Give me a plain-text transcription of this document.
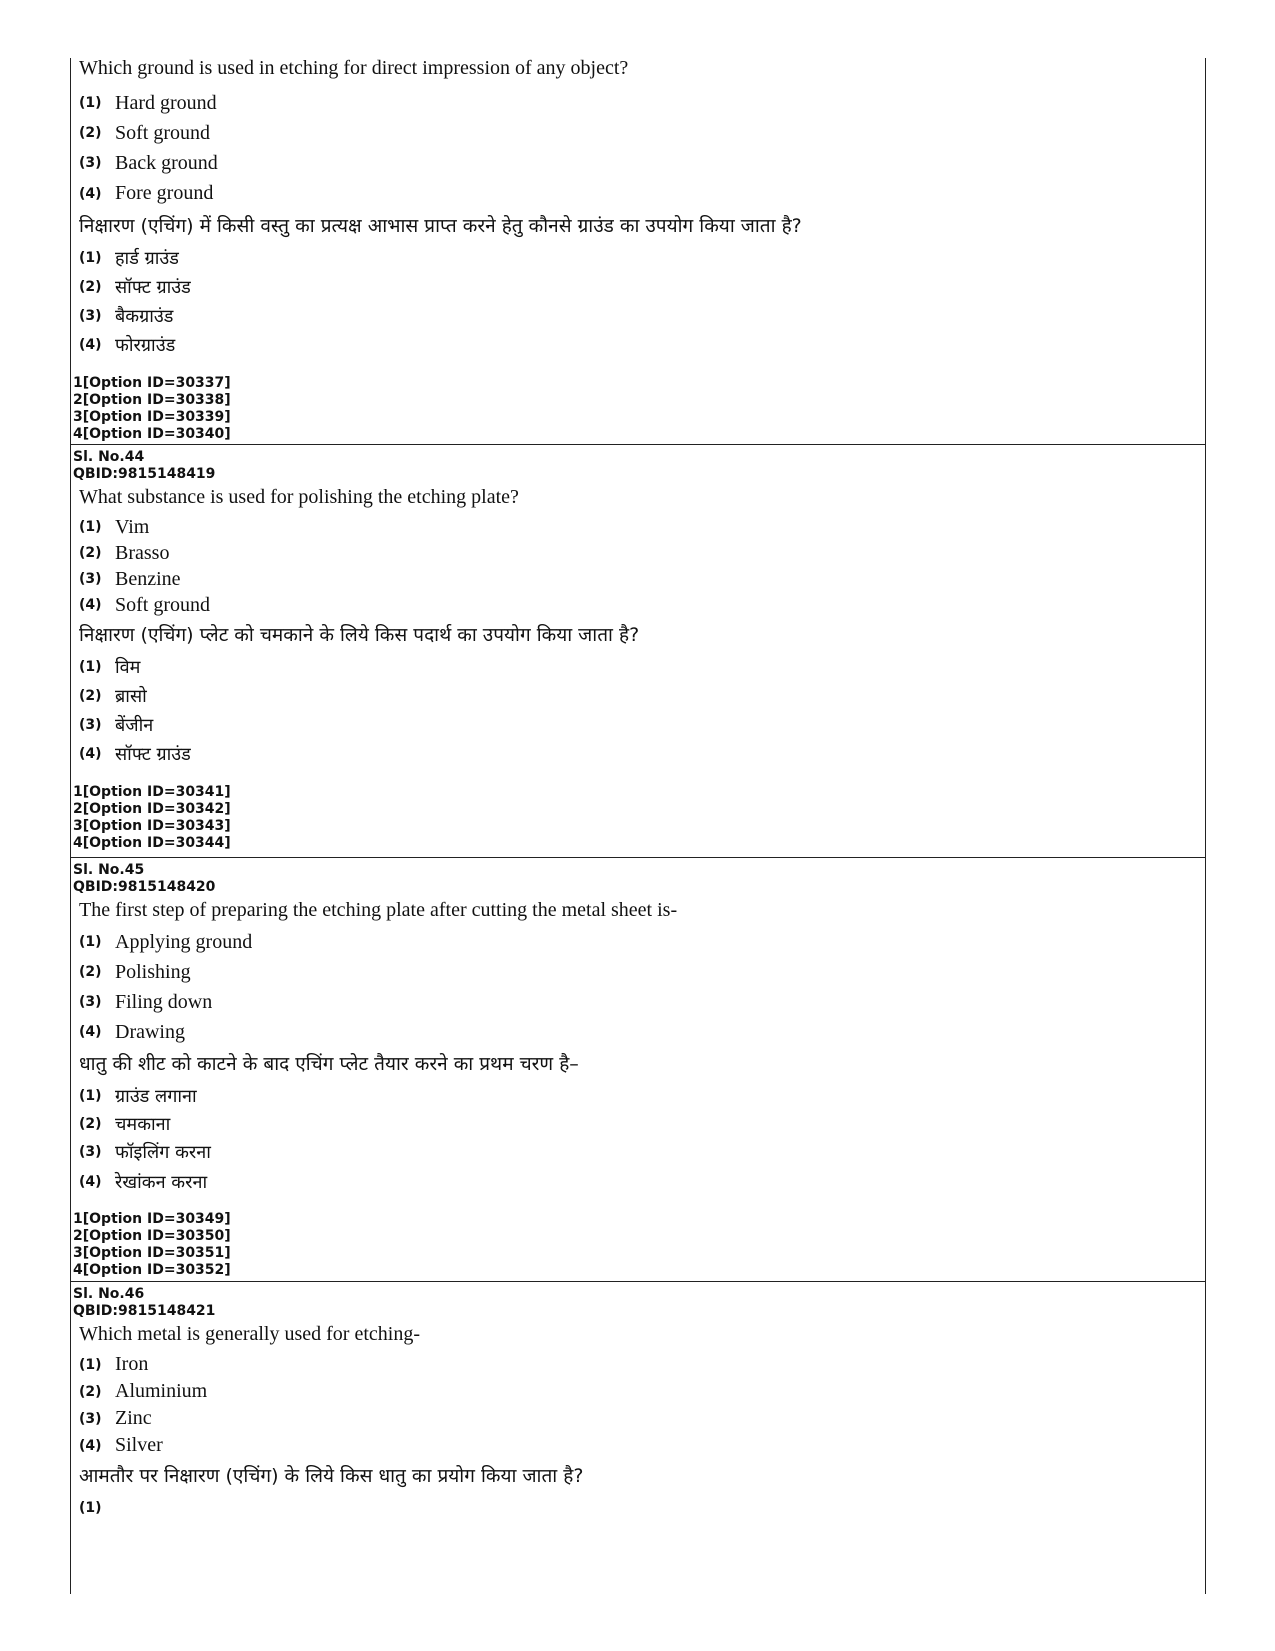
Which ground is used in etching for direct impression of any object?
(1) Hard ground
(2) Soft ground
(3) Back ground
(4) Fore ground
निक्षारण (एचिंग) में किसी वस्तु का प्रत्यक्ष आभास प्राप्त करने हेतु कौनसे ग्राउंड का उपयोग किया जाता है?
(1) हार्ड ग्राउंड
(2) सॉफ्ट ग्राउंड
(3) बैकग्राउंड
(4) फोरग्राउंड
1[Option ID=30337]
2[Option ID=30338]
3[Option ID=30339]
4[Option ID=30340]
Sl. No.44
QBID:9815148419
What substance is used for polishing the etching plate?
(1) Vim
(2) Brasso
(3) Benzine
(4) Soft ground
निक्षारण (एचिंग) प्लेट को चमकाने के लिये किस पदार्थ का उपयोग किया जाता है?
(1) विम
(2) ब्रासो
(3) बेंजीन
(4) सॉफ्ट ग्राउंड
1[Option ID=30341]
2[Option ID=30342]
3[Option ID=30343]
4[Option ID=30344]
Sl. No.45
QBID:9815148420
The first step of preparing the etching plate after cutting the metal sheet is-
(1) Applying ground
(2) Polishing
(3) Filing down
(4) Drawing
धातु की शीट को काटने के बाद एचिंग प्लेट तैयार करने का प्रथम चरण है–
(1) ग्राउंड लगाना
(2) चमकाना
(3) फॉइलिंग करना
(4) रेखांकन करना
1[Option ID=30349]
2[Option ID=30350]
3[Option ID=30351]
4[Option ID=30352]
Sl. No.46
QBID:9815148421
Which metal is generally used for etching-
(1) Iron
(2) Aluminium
(3) Zinc
(4) Silver
आमतौर पर निक्षारण (एचिंग) के लिये किस धातु का प्रयोग किया जाता है?
(1)
